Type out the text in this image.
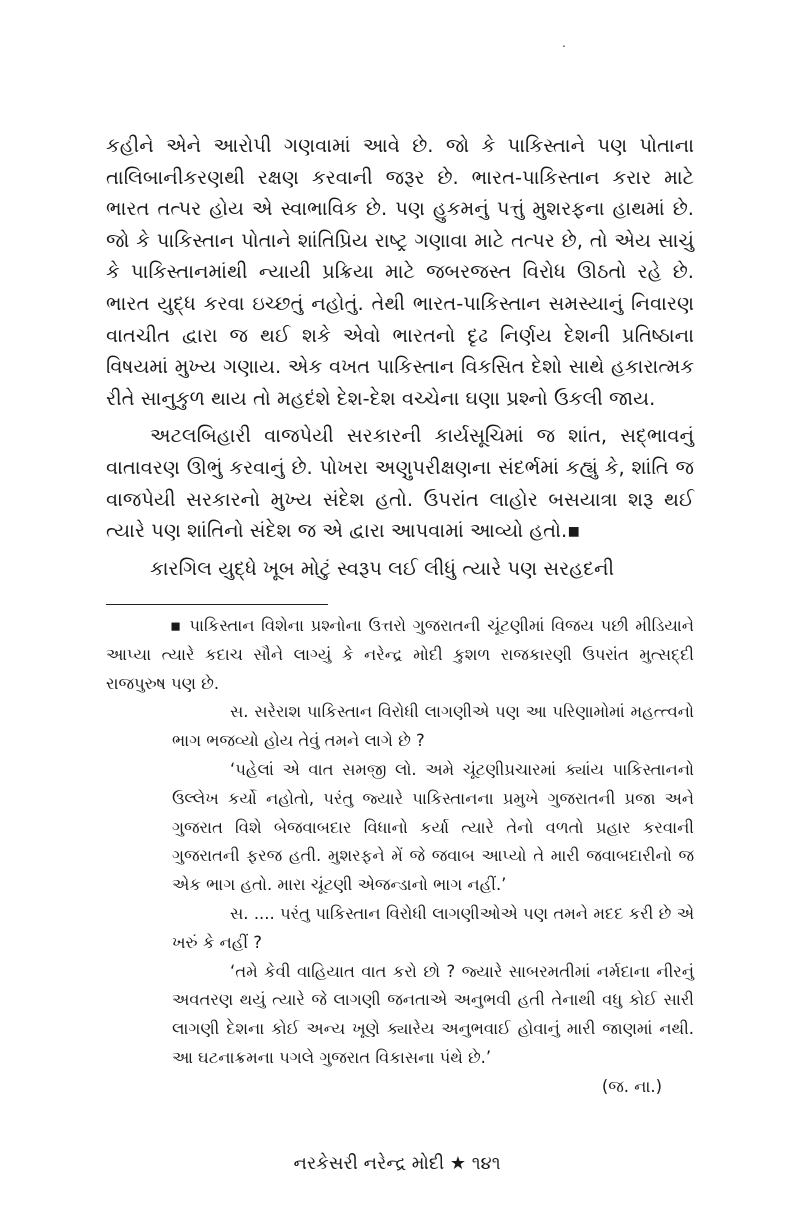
.

કહીને એને આરોપી ગણવામાં આવે છે. જો કે પાકિસ્તાને પણ પોતાના તાલિબાનીકરણથી રક્ષણ કરવાની જરૂર છે. ભારત-પાકિસ્તાન કરાર માટે ભારત તત્પર હોય એ સ્વાભાવિક છે. પણ હુકમનું પત્તું મુશરફના હાથમાં છે. જો કે પાકિસ્તાન પોતાને શાંતિપ્રિય રાષ્ટ્ર ગણાવા માટે તત્પર છે, તો એય સાચું કે પાકિસ્તાનમાંથી ન્યાયી પ્રક્રિયા માટે જબરજસ્ત વિરોધ ઊઠતો રહે છે. ભારત યુદ્ધ કરવા ઇચ્છતું નહોતું. તેથી ભારત-પાકિસ્તાન સમસ્યાનું નિવારણ વાતચીત દ્વારા જ થઈ શકે એવો ભારતનો દૃઢ નિર્ણય દેશની પ્રતિષ્ઠાના વિષયમાં મુખ્ય ગણાય. એક વખત પાકિસ્તાન વિકસિત દેશો સાથે હકારાત્મક રીતે સાનુકુળ થાય તો મહદંશે દેશ-દેશ વચ્ચેના ઘણા પ્રશ્નો ઉકલી જાય.

અટલબિહારી વાજપેયી સરકારની કાર્યસૂચિમાં જ શાંત, સદ્ભાવનું વાતાવરણ ઊભું કરવાનું છે. પોખરા અણુપરીક્ષણના સંદર્ભમાં કહ્યું કે, શાંતિ જ વાજપેયી સરકારનો મુખ્ય સંદેશ હતો. ઉપરાંત લાહોર બસયાત્રા શરૂ થઈ ત્યારે પણ શાંતિનો સંદેશ જ એ દ્વારા આપવામાં આવ્યો હતો.▪

કારગિલ યુદ્ધે ખૂબ મોટું સ્વરૂપ લઈ લીધું ત્યારે પણ સરહદની

▪ પાકિસ્તાન વિશેના પ્રશ્નોના ઉત્તરો ગુજરાતની ચૂંટણીમાં વિજય પછી મીડિયાને આપ્યા ત્યારે કદાચ સૌને લાગ્યું કે નરેન્દ્ર મોદી કુશળ રાજકારણી ઉપરાંત મુત્સદ્દી રાજપુરુષ પણ છે.

સ. સરેરાશ પાકિસ્તાન વિરોધી લાગણીએ પણ આ પરિણામોમાં મહત્ત્વનો ભાગ ભજવ્યો હોય તેવું તમને લાગે છે ?

‘પહેલાં એ વાત સમજી લો. અમે ચૂંટણીપ્રચારમાં ક્યાંય પાકિસ્તાનનો ઉલ્લેખ કર્યો નહોતો, પરંતુ જ્યારે પાકિસ્તાનના પ્રમુખે ગુજરાતની પ્રજા અને ગુજરાત વિશે બેજવાબદાર વિધાનો કર્યા ત્યારે તેનો વળતો પ્રહાર કરવાની ગુજરાતની ફરજ હતી. મુશરફને મેં જે જવાબ આપ્યો તે મારી જવાબદારીનો જ એક ભાગ હતો. મારા ચૂંટણી એજન્ડાનો ભાગ નહીં.’

સ. .... પરંતુ પાકિસ્તાન વિરોધી લાગણીઓએ પણ તમને મદદ કરી છે એ ખરું કે નહીં ?

‘તમે કેવી વાહિયાત વાત કરો છો ? જ્યારે સાબરમતીમાં નર્મદાના નીરનું અવતરણ થયું ત્યારે જે લાગણી જનતાએ અનુભવી હતી તેનાથી વધુ કોઈ સારી લાગણી દેશના કોઈ અન્ય ખૂણે ક્યારેય અનુભવાઈ હોવાનું મારી જાણમાં નથી. આ ઘટનાક્રમના પગલે ગુજરાત વિકાસના પંથે છે.’

(જ. ના.)

નરકેસરી નરેન્દ્ર મોદી ★ ૧૪૧
